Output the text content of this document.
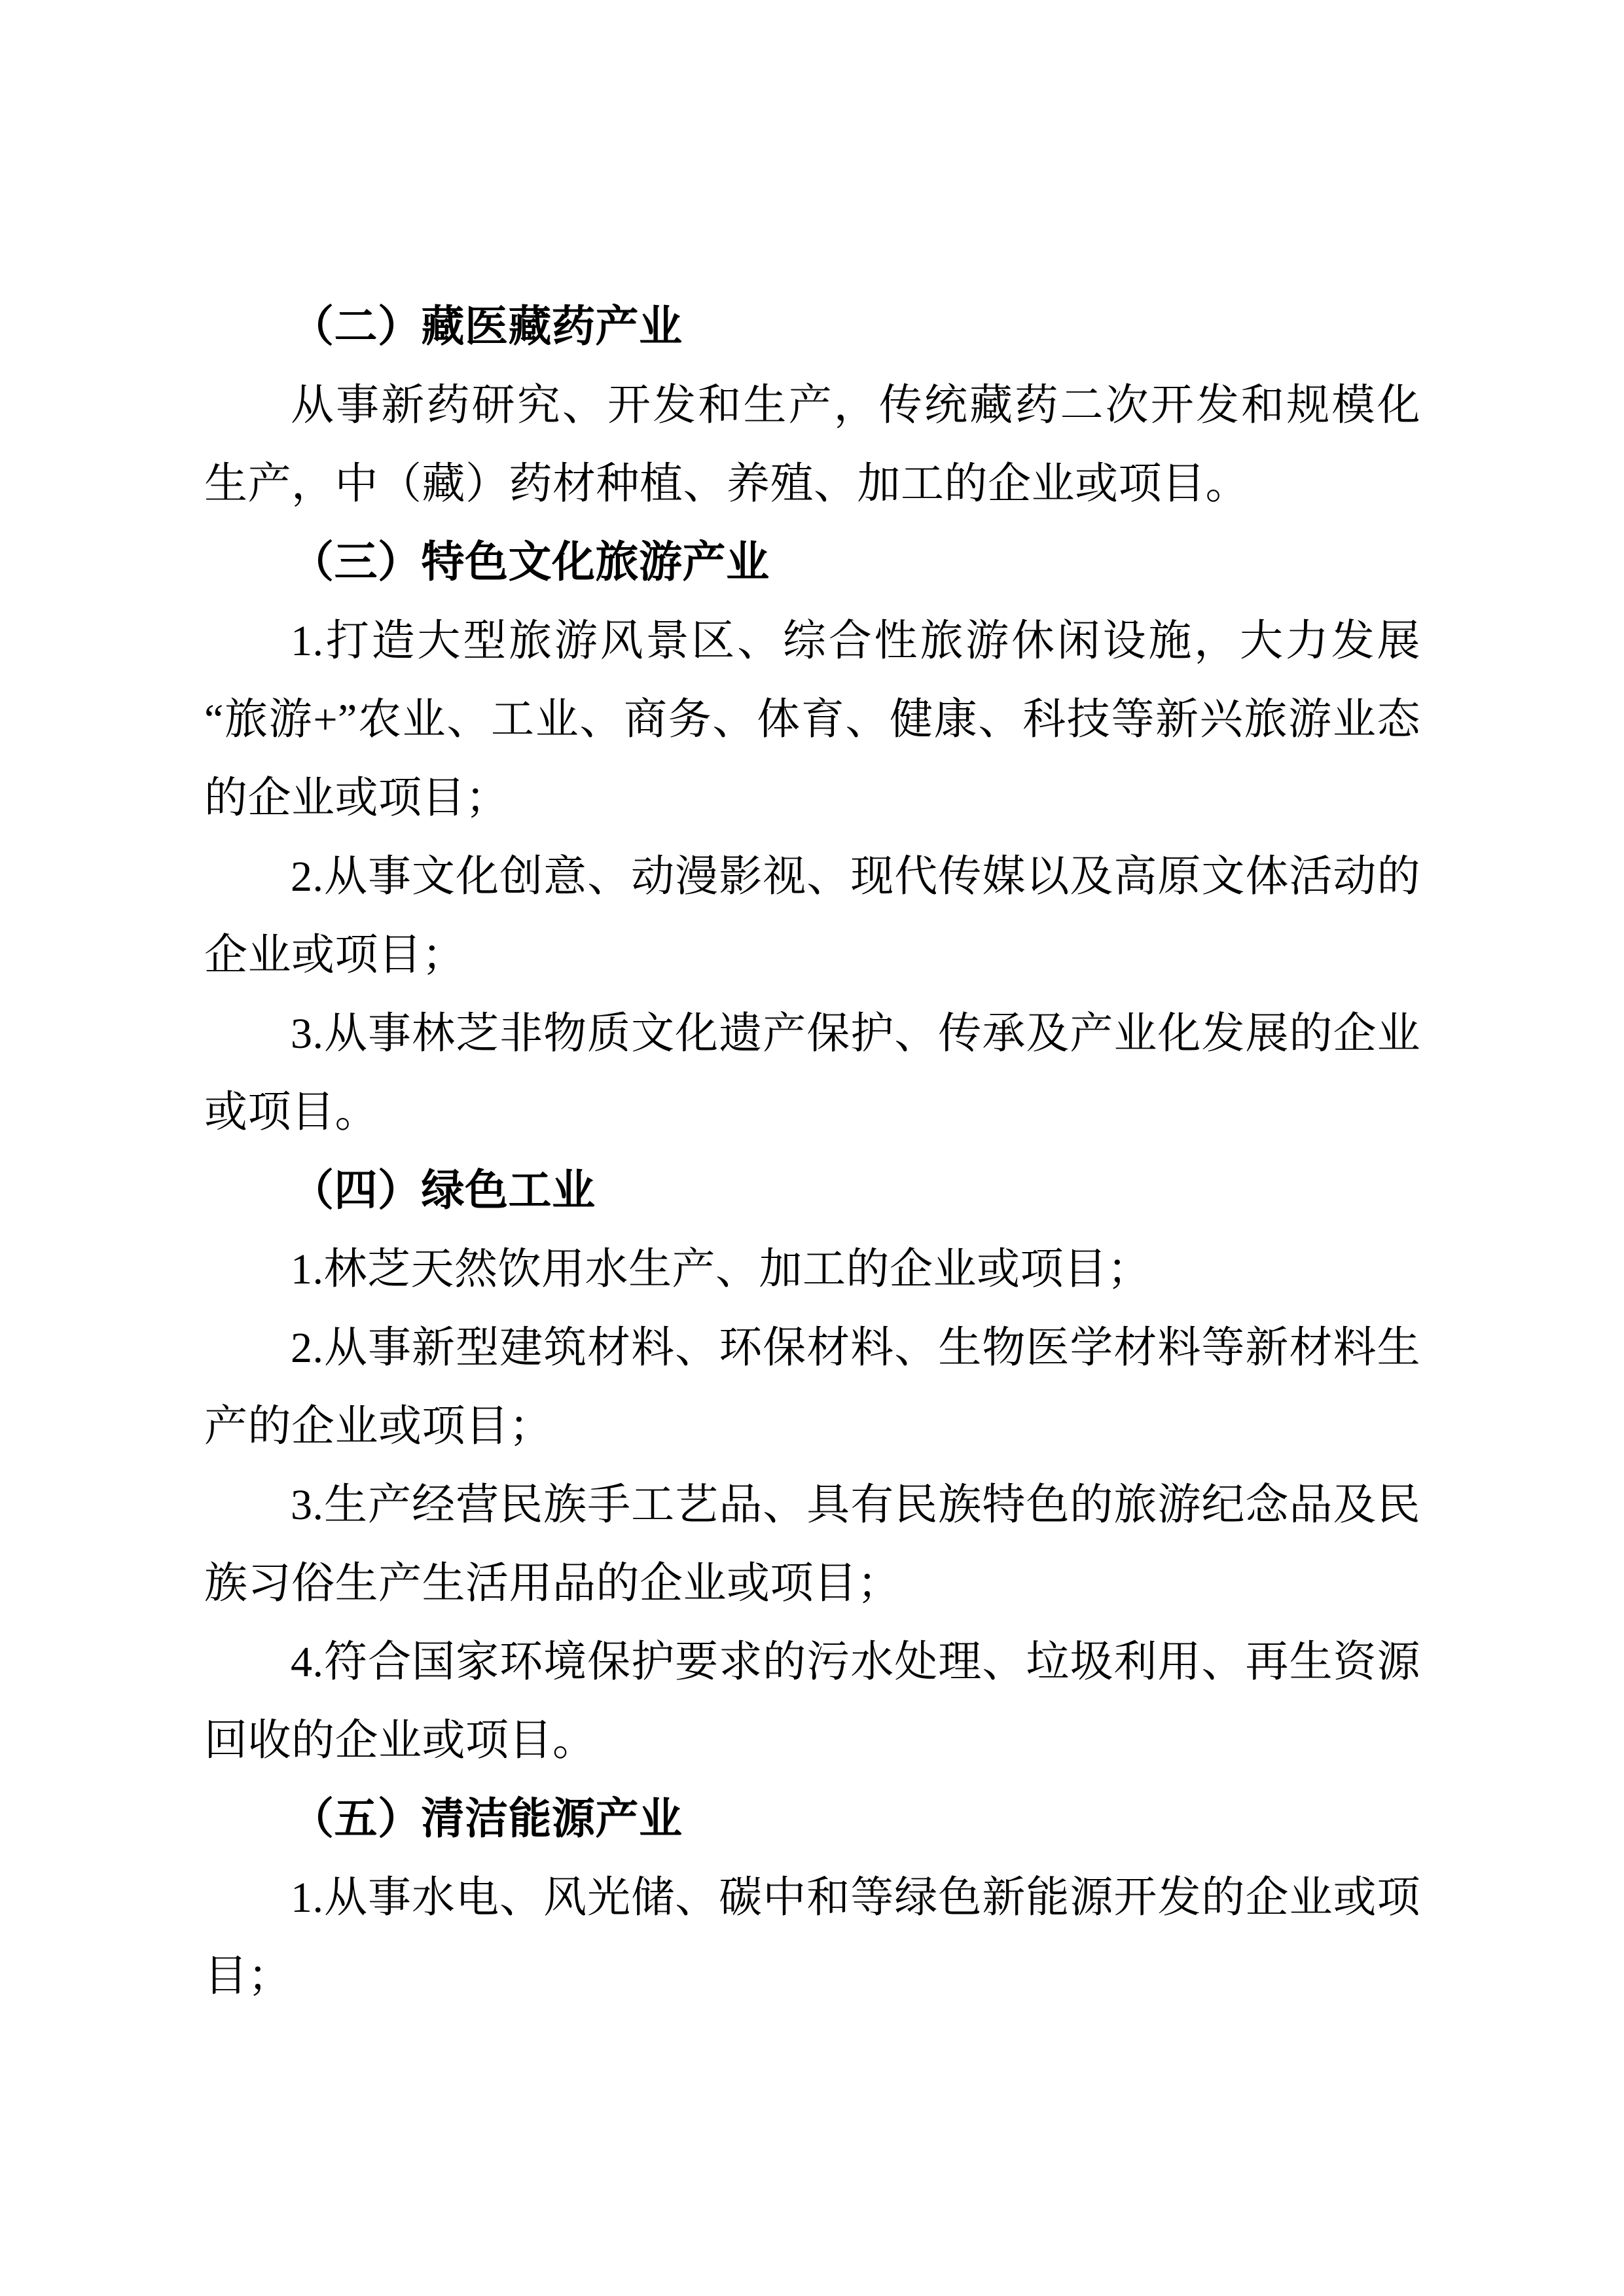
（二）藏医藏药产业

从事新药研究、开发和生产，传统藏药二次开发和规模化生产，中（藏）药材种植、养殖、加工的企业或项目。

（三）特色文化旅游产业

1.打造大型旅游风景区、综合性旅游休闲设施，大力发展“旅游+”农业、工业、商务、体育、健康、科技等新兴旅游业态的企业或项目；

2.从事文化创意、动漫影视、现代传媒以及高原文体活动的企业或项目；

3.从事林芝非物质文化遗产保护、传承及产业化发展的企业或项目。

（四）绿色工业

1.林芝天然饮用水生产、加工的企业或项目；

2.从事新型建筑材料、环保材料、生物医学材料等新材料生产的企业或项目；

3.生产经营民族手工艺品、具有民族特色的旅游纪念品及民族习俗生产生活用品的企业或项目；

4.符合国家环境保护要求的污水处理、垃圾利用、再生资源回收的企业或项目。

（五）清洁能源产业

1.从事水电、风光储、碳中和等绿色新能源开发的企业或项目；
